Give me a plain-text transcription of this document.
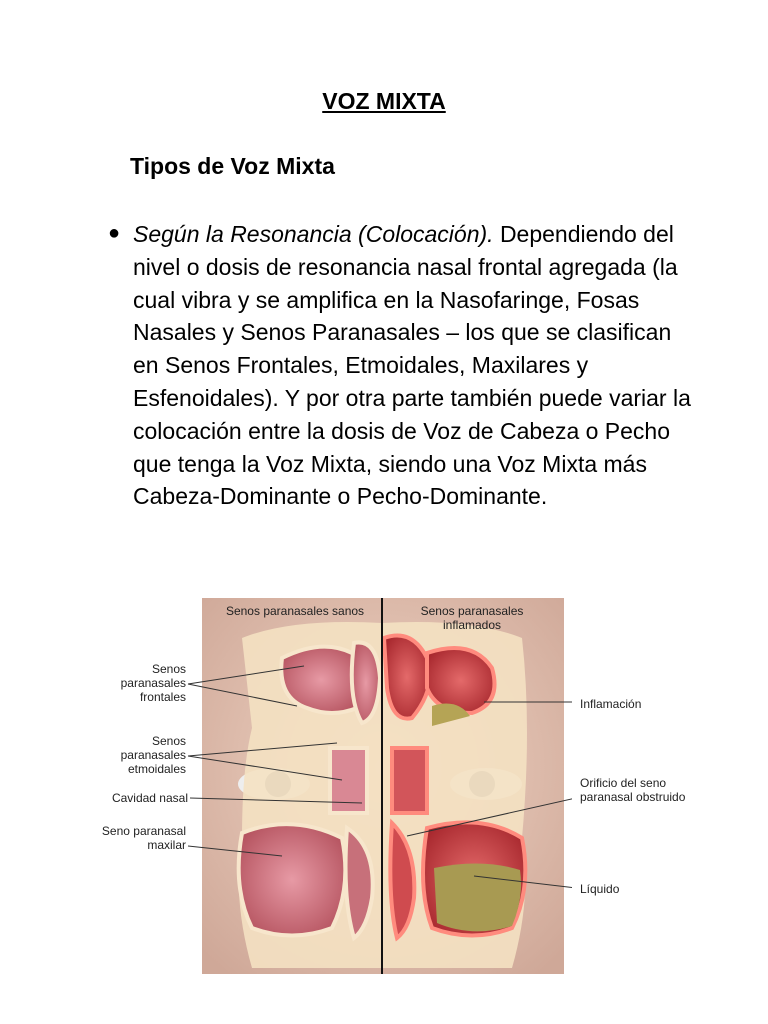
VOZ MIXTA
Tipos de Voz Mixta
● Según la Resonancia (Colocación). Dependiendo del nivel o dosis de resonancia nasal frontal agregada (la cual vibra y se amplifica en la Nasofaringe, Fosas Nasales y Senos Paranasales – los que se clasifican en Senos Frontales, Etmoidales, Maxilares y Esfenoidales). Y por otra parte también puede variar la colocación entre la dosis de Voz de Cabeza o Pecho que tenga la Voz Mixta, siendo una Voz Mixta más Cabeza-Dominante o Pecho-Dominante.
Senos paranasales sanos	Senos paranasales inflamados
Senos paranasales frontales
Senos paranasales etmoidales
Cavidad nasal
Seno paranasal maxilar
Inflamación
Orificio del seno paranasal obstruido
Líquido
